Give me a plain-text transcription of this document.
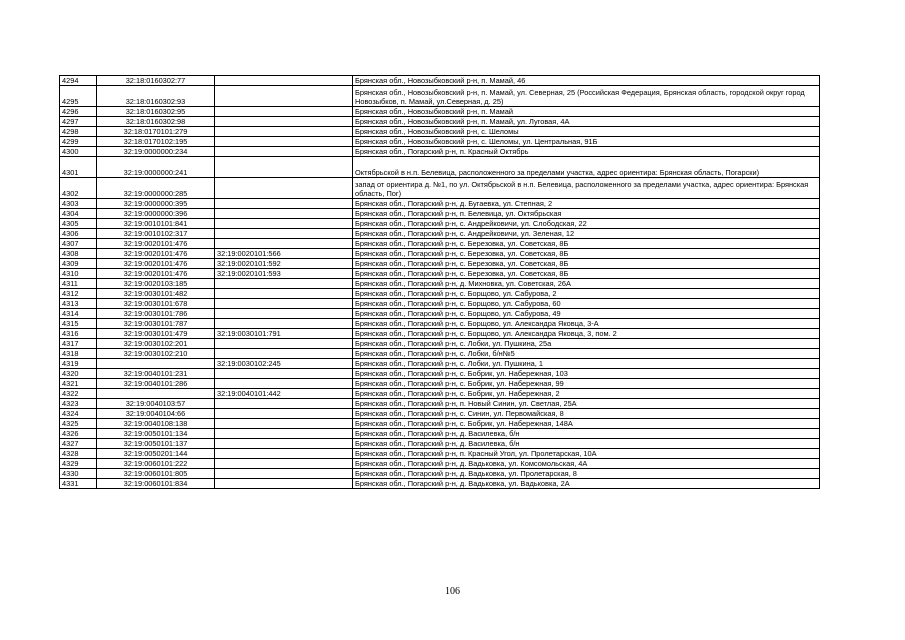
4294	32:18:0160302:77		Брянская обл., Новозыбковский р-н, п. Мамай, 46
4295	32:18:0160302:93		Брянская обл., Новозыбковский р-н, п. Мамай, ул. Северная, 25 (Российская Федерация, Брянская область, городской округ город Новозыбков, п. Мамай, ул.Северная, д. 25)
4296	32:18:0160302:95		Брянская обл., Новозыбковский р-н, п. Мамай
4297	32:18:0160302:98		Брянская обл., Новозыбковский р-н, п. Мамай, ул. Луговая, 4А
4298	32:18:0170101:279		Брянская обл., Новозыбковский р-н, с. Шеломы
4299	32:18:0170102:195		Брянская обл., Новозыбковский р-н, с. Шеломы, ул. Центральная, 91Б
4300	32:19:0000000:234		Брянская обл., Погарский р-н, п. Красный Октябрь
4301	32:19:0000000:241		Октябрьской в н.п. Белевица, расположенного за пределами участка, адрес ориентира: Брянская область, Погарски)
4302	32:19:0000000:285		запад от ориентира д. №1, по ул. Октябрьской в н.п. Белевица, расположенного за пределами участка, адрес ориентира: Брянская область, Пог)
4303	32:19:0000000:395		Брянская обл., Погарский р-н, д. Бугаевка, ул. Степная, 2
4304	32:19:0000000:396		Брянская обл., Погарский р-н, п. Белевица, ул. Октябрьская
4305	32:19:0010101:841		Брянская обл., Погарский р-н, с. Андрейковичи, ул. Слободская, 22
4306	32:19:0010102:317		Брянская обл., Погарский р-н, с. Андрейковичи, ул. Зеленая, 12
4307	32:19:0020101:476		Брянская обл., Погарский р-н, с. Березовка, ул. Советская, 8Б
4308	32:19:0020101:476	32:19:0020101:566	Брянская обл., Погарский р-н, с. Березовка, ул. Советская, 8Б
4309	32:19:0020101:476	32:19:0020101:592	Брянская обл., Погарский р-н, с. Березовка, ул. Советская, 8Б
4310	32:19:0020101:476	32:19:0020101:593	Брянская обл., Погарский р-н, с. Березовка, ул. Советская, 8Б
4311	32:19:0020103:185		Брянская обл., Погарский р-н, д. Михновка, ул. Советская, 26А
4312	32:19:0030101:482		Брянская обл., Погарский р-н, с. Борщово, ул. Сабурова, 2
4313	32:19:0030101:678		Брянская обл., Погарский р-н, с. Борщово, ул. Сабурова, 60
4314	32:19:0030101:786		Брянская обл., Погарский р-н, с. Борщово, ул. Сабурова, 49
4315	32:19:0030101:787		Брянская обл., Погарский р-н, с. Борщово, ул. Александра Яковца, 3-А
4316	32:19:0030101:479	32:19:0030101:791	Брянская обл., Погарский р-н, с. Борщово, ул. Александра Яковца, 3, пом. 2
4317	32:19:0030102:201		Брянская обл., Погарский р-н, с. Лобки, ул. Пушкина, 25а
4318	32:19:0030102:210		Брянская обл., Погарский р-н, с. Лобки, б/н№5
4319		32:19:0030102:245	Брянская обл., Погарский р-н, с. Лобки, ул. Пушкина, 1
4320	32:19:0040101:231		Брянская обл., Погарский р-н, с. Бобрик, ул. Набережная, 103
4321	32:19:0040101:286		Брянская обл., Погарский р-н, с. Бобрик, ул. Набережная, 99
4322		32:19:0040101:442	Брянская обл., Погарский р-н, с. Бобрик, ул. Набережная, 2
4323	32:19:0040103:57		Брянская обл., Погарский р-н, п. Новый Синин, ул. Светлая, 25А
4324	32:19:0040104:66		Брянская обл., Погарский р-н, с. Синин, ул. Первомайская, 8
4325	32:19:0040108:138		Брянская обл., Погарский р-н, с. Бобрик, ул. Набережная, 148А
4326	32:19:0050101:134		Брянская обл., Погарский р-н, д. Василевка, б/н
4327	32:19:0050101:137		Брянская обл., Погарский р-н, д. Василевка, б/н
4328	32:19:0050201:144		Брянская обл., Погарский р-н, п. Красный Угол, ул. Пролетарская, 10А
4329	32:19:0060101:222		Брянская обл., Погарский р-н, д. Вадьковка, ул. Комсомольская, 4А
4330	32:19:0060101:805		Брянская обл., Погарский р-н, д. Вадьковка, ул. Пролетарская, 8
4331	32:19:0060101:834		Брянская обл., Погарский р-н, д. Вадьковка, ул. Вадьковка, 2А
106
